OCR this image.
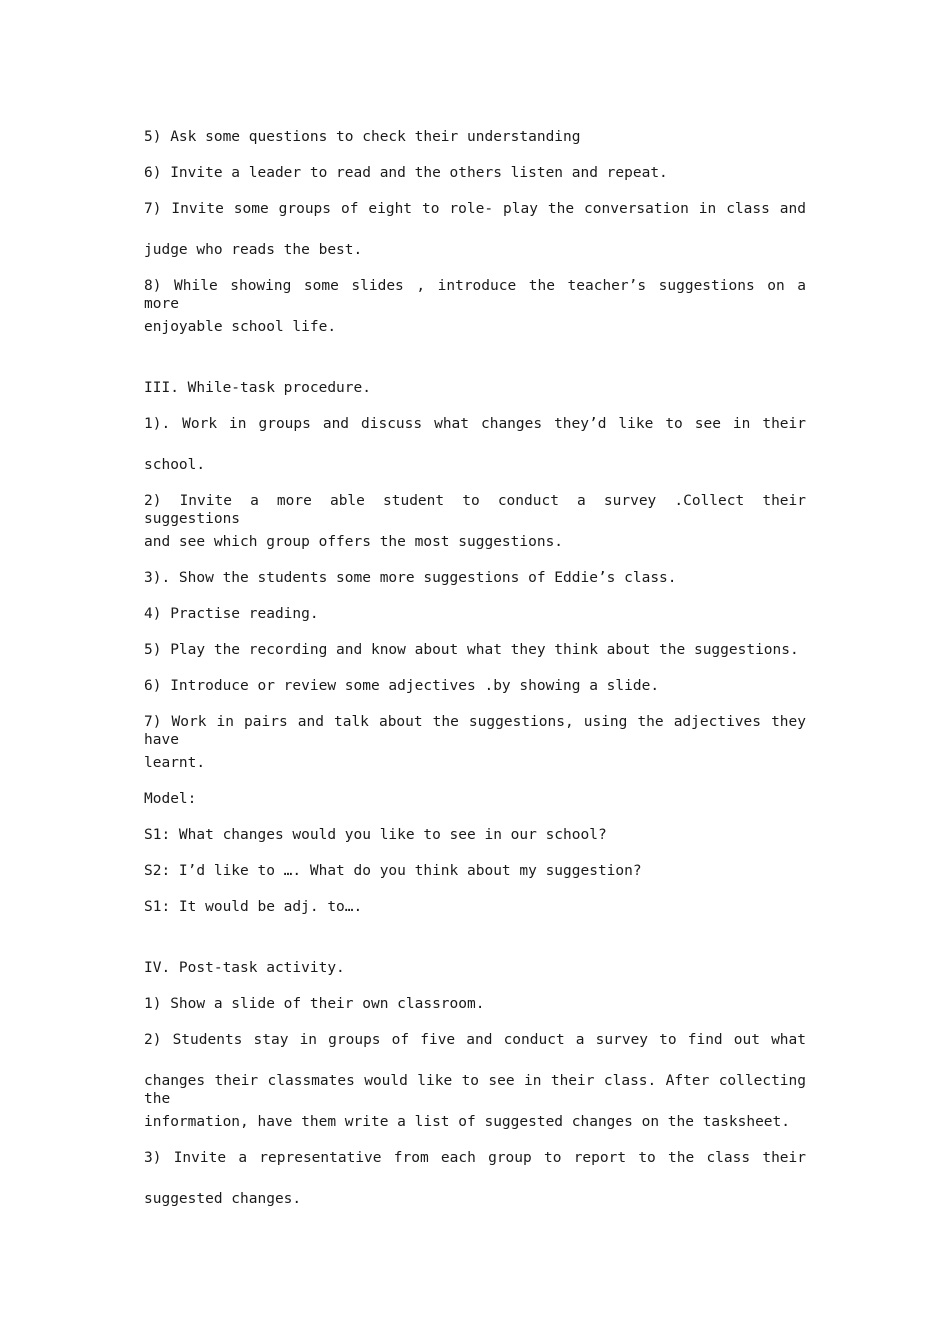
5) Ask some questions to check their understanding
6) Invite a leader to read and the others listen and repeat.
7) Invite some groups of eight to role- play the conversation in class and
judge who reads the best.
8) While showing some slides , introduce the teacher’s suggestions on a more
enjoyable school life.
III. While-task procedure.
1). Work in groups and discuss what changes they’d like to see in their
school.
2) Invite a more able student to conduct a survey .Collect their suggestions
and see which group offers the most suggestions.
3). Show the students some more suggestions of Eddie’s class.
4) Practise reading.
5) Play the recording and know about what they think about the suggestions.
6) Introduce or review some adjectives .by showing a slide.
7) Work in pairs and talk about the suggestions, using the adjectives they have
learnt.
Model:
S1: What changes would you like to see in our school?
S2: I’d like to …. What do you think about my suggestion?
S1: It would be adj. to….
IV. Post-task activity.
1) Show a slide of their own classroom.
2) Students stay in groups of five and conduct a survey to find out what
changes their classmates would like to see in their class. After collecting the
information, have them write a list of suggested changes on the tasksheet.
3) Invite a representative from each group to report to the class their
suggested changes.
